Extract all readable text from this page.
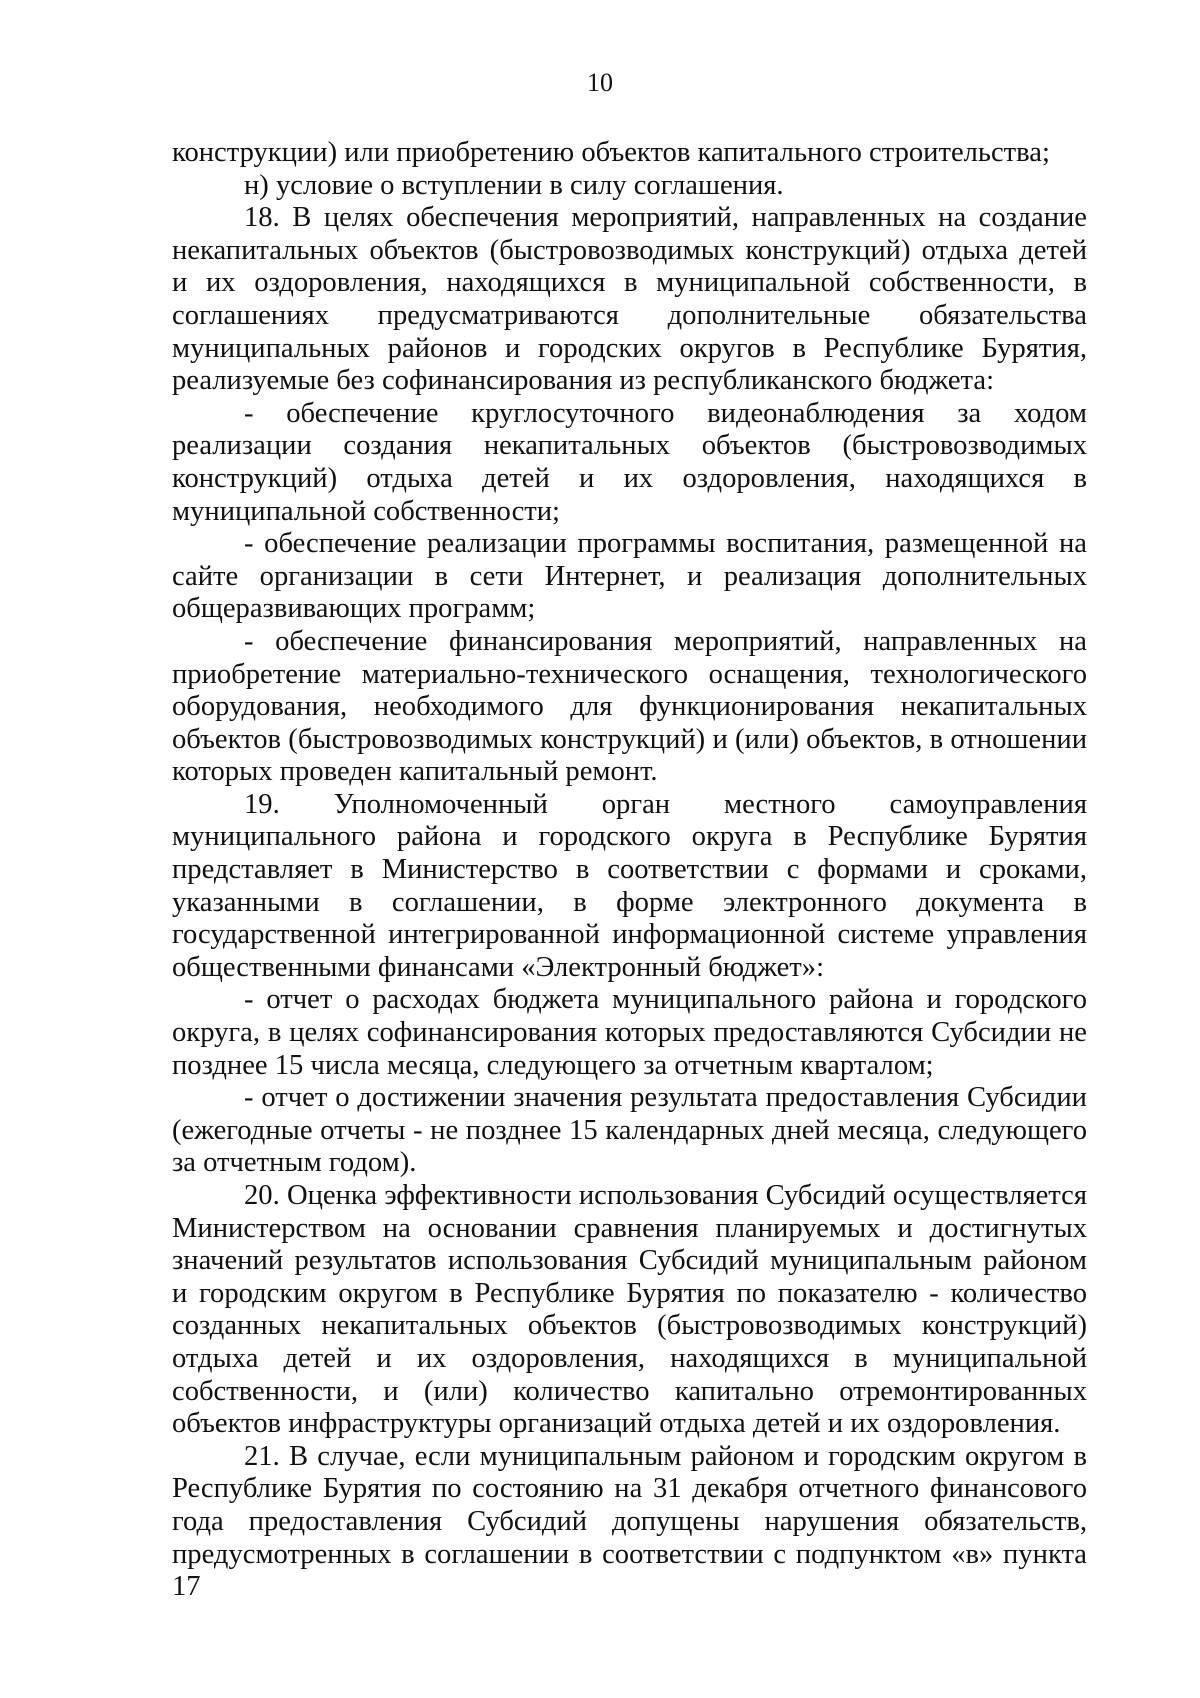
10

конструкции) или приобретению объектов капитального строительства;

н) условие о вступлении в силу соглашения.

18. В целях обеспечения мероприятий, направленных на создание некапитальных объектов (быстровозводимых конструкций) отдыха детей и их оздоровления, находящихся в муниципальной собственности, в соглашениях предусматриваются дополнительные обязательства муниципальных районов и городских округов в Республике Бурятия, реализуемые без софинансирования из республиканского бюджета:

- обеспечение круглосуточного видеонаблюдения за ходом реализации создания некапитальных объектов (быстровозводимых конструкций) отдыха детей и их оздоровления, находящихся в муниципальной собственности;

- обеспечение реализации программы воспитания, размещенной на сайте организации в сети Интернет, и реализация дополнительных общеразвивающих программ;

- обеспечение финансирования мероприятий, направленных на приобретение материально-технического оснащения, технологического оборудования, необходимого для функционирования некапитальных объектов (быстровозводимых конструкций) и (или) объектов, в отношении которых проведен капитальный ремонт.

19. Уполномоченный орган местного самоуправления муниципального района и городского округа в Республике Бурятия представляет в Министерство в соответствии с формами и сроками, указанными в соглашении, в форме электронного документа в государственной интегрированной информационной системе управления общественными финансами «Электронный бюджет»:

- отчет о расходах бюджета муниципального района и городского округа, в целях софинансирования которых предоставляются Субсидии не позднее 15 числа месяца, следующего за отчетным кварталом;

- отчет о достижении значения результата предоставления Субсидии (ежегодные отчеты - не позднее 15 календарных дней месяца, следующего за отчетным годом).

20. Оценка эффективности использования Субсидий осуществляется Министерством на основании сравнения планируемых и достигнутых значений результатов использования Субсидий муниципальным районом и городским округом в Республике Бурятия по показателю - количество созданных некапитальных объектов (быстровозводимых конструкций) отдыха детей и их оздоровления, находящихся в муниципальной собственности, и (или) количество капитально отремонтированных объектов инфраструктуры организаций отдыха детей и их оздоровления.

21. В случае, если муниципальным районом и городским округом в Республике Бурятия по состоянию на 31 декабря отчетного финансового года предоставления Субсидий допущены нарушения обязательств, предусмотренных в соглашении в соответствии с подпунктом «в» пункта 17
